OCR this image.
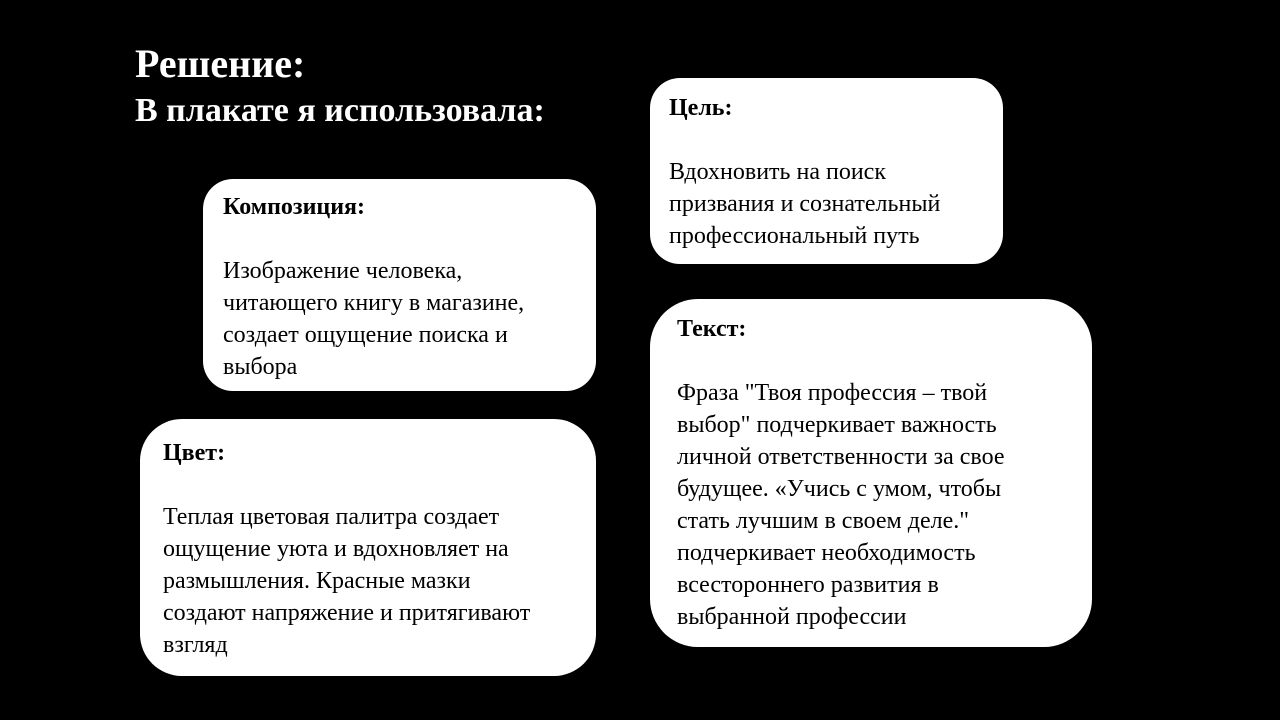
Решение:
В плакате я использовала:	Цель:
Вдохновить на поиск
призвания и сознательный
профессиональный путь
Композиция:
Изображение человека,
читающего книгу в магазине,
создает ощущение поиска и
выбора
Текст:
Фраза "Твоя профессия – твой
выбор" подчеркивает важность
личной ответственности за свое
будущее. «Учись с умом, чтобы
стать лучшим в своем деле."
подчеркивает необходимость
всестороннего развития в
выбранной профессии
Цвет:
Теплая цветовая палитра создает
ощущение уюта и вдохновляет на
размышления. Красные мазки
создают напряжение и притягивают
взгляд
